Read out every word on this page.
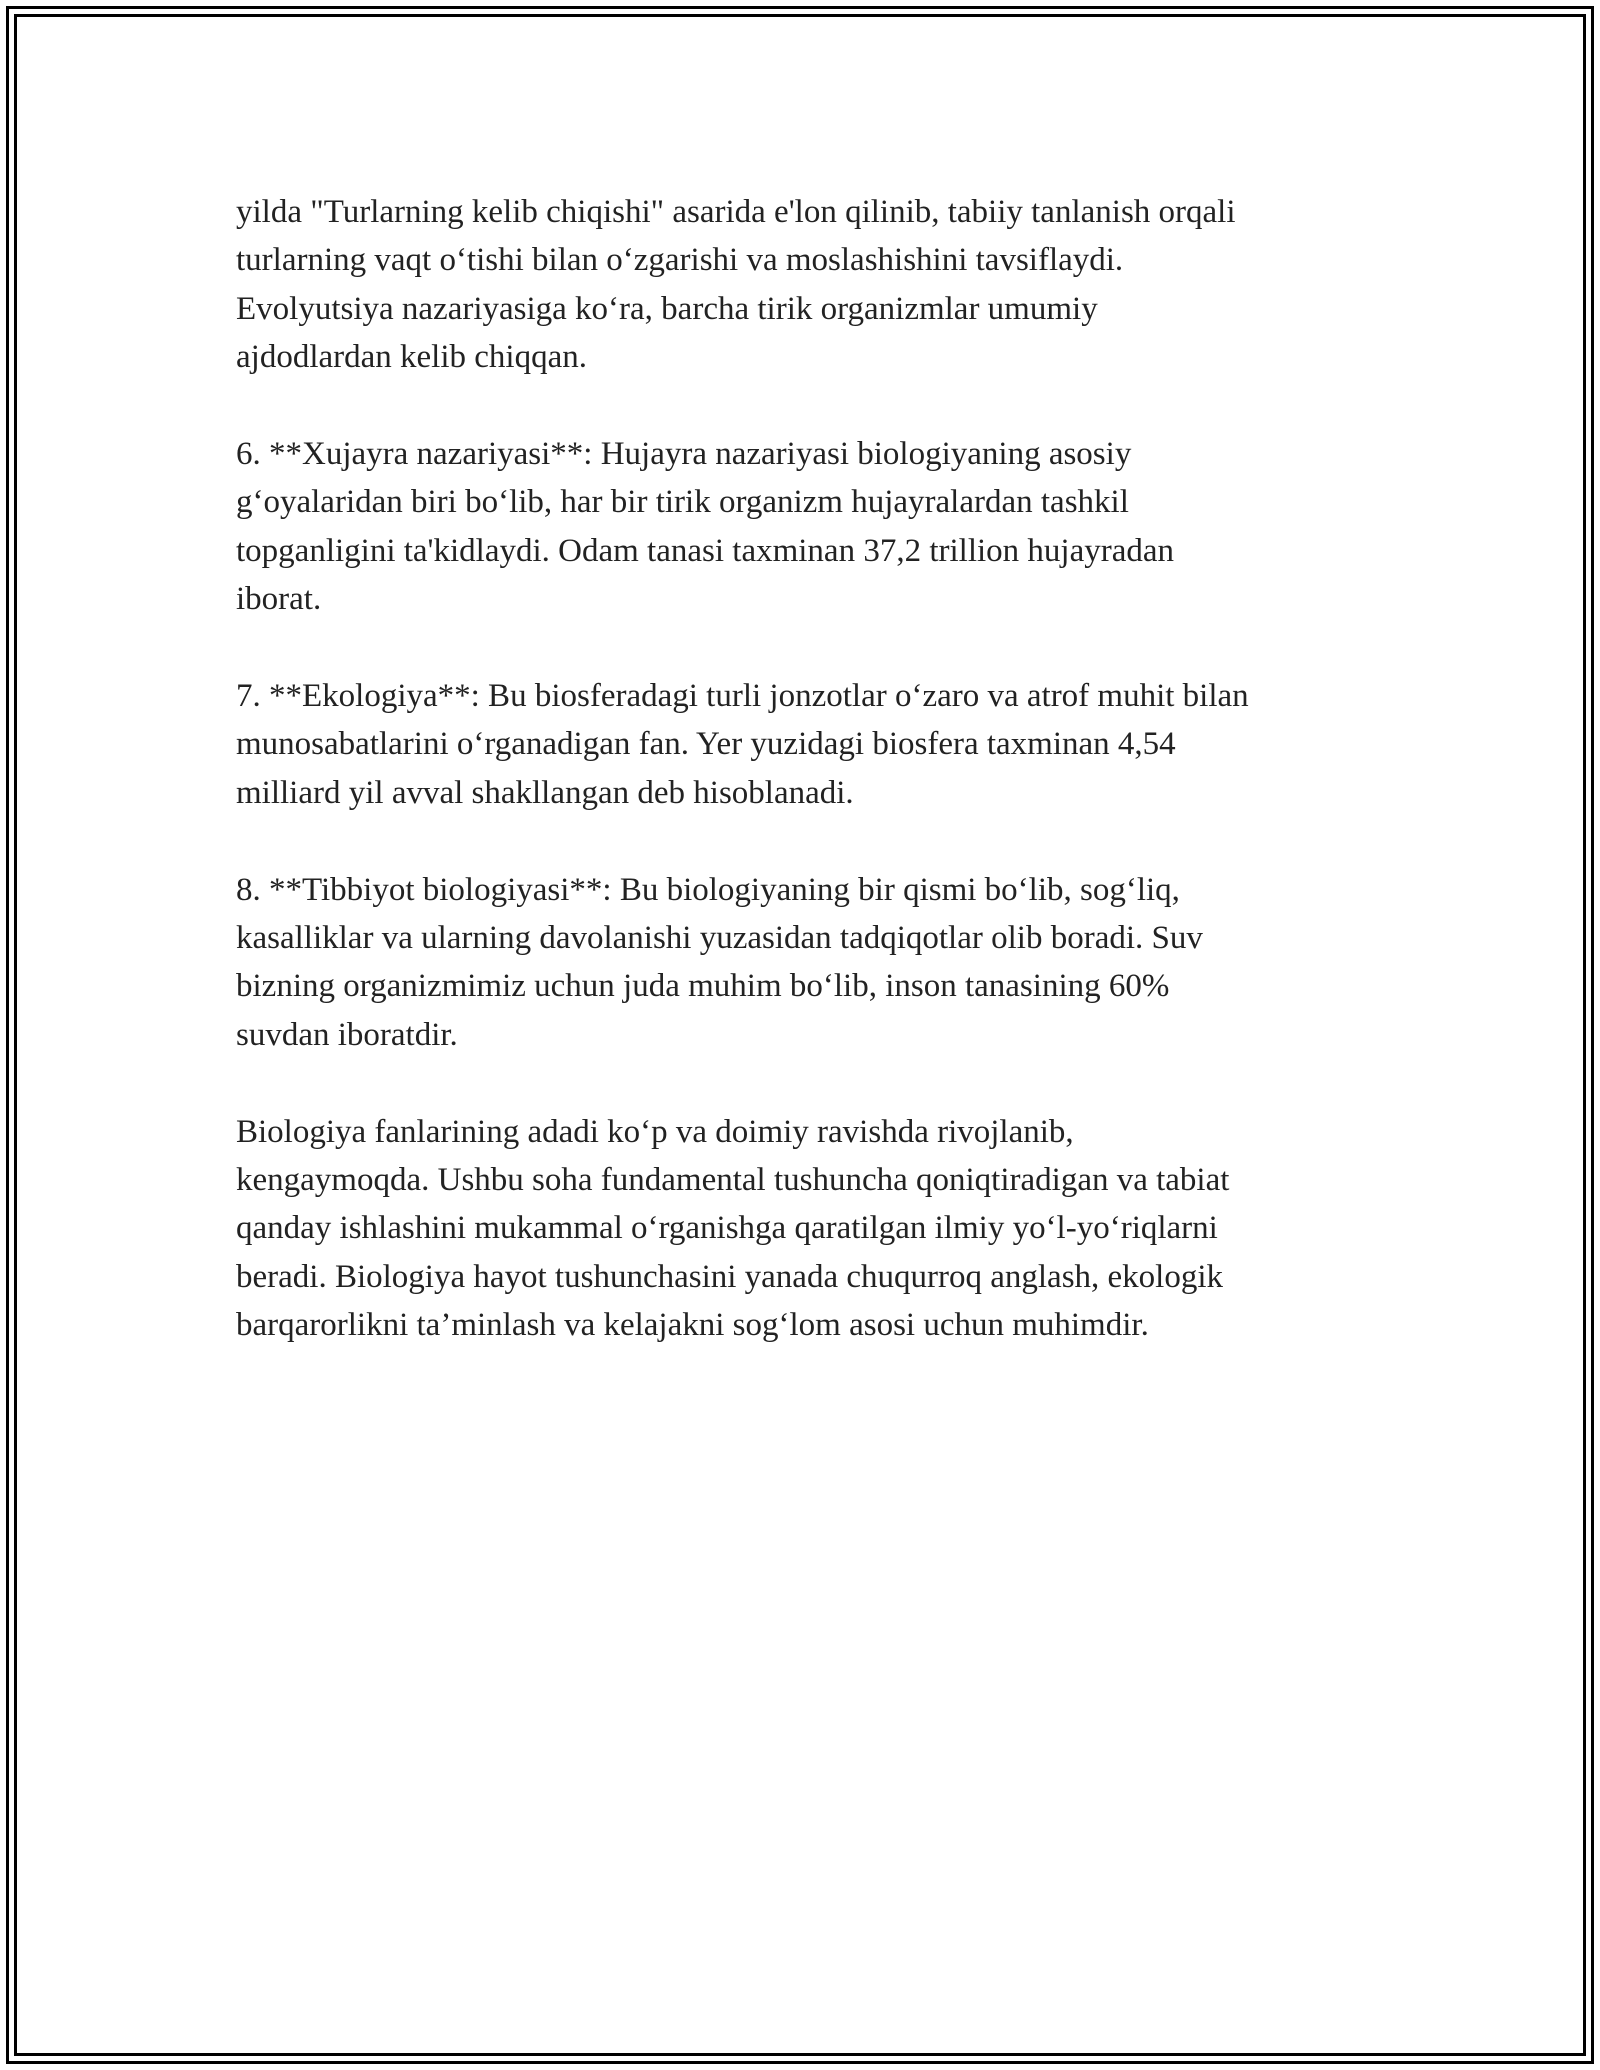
yilda "Turlarning kelib chiqishi" asarida e'lon qilinib, tabiiy tanlanish orqali
turlarning vaqt o‘tishi bilan o‘zgarishi va moslashishini tavsiflaydi.
Evolyutsiya nazariyasiga ko‘ra, barcha tirik organizmlar umumiy
ajdodlardan kelib chiqqan.

6. **Xujayra nazariyasi**: Hujayra nazariyasi biologiyaning asosiy
g‘oyalaridan biri bo‘lib, har bir tirik organizm hujayralardan tashkil
topganligini ta'kidlaydi. Odam tanasi taxminan 37,2 trillion hujayradan
iborat.

7. **Ekologiya**: Bu biosferadagi turli jonzotlar o‘zaro va atrof muhit bilan
munosabatlarini o‘rganadigan fan. Yer yuzidagi biosfera taxminan 4,54
milliard yil avval shakllangan deb hisoblanadi.

8. **Tibbiyot biologiyasi**: Bu biologiyaning bir qismi bo‘lib, sog‘liq,
kasalliklar va ularning davolanishi yuzasidan tadqiqotlar olib boradi. Suv
bizning organizmimiz uchun juda muhim bo‘lib, inson tanasining 60%
suvdan iboratdir.

Biologiya fanlarining adadi ko‘p va doimiy ravishda rivojlanib,
kengaymoqda. Ushbu soha fundamental tushuncha qoniqtiradigan va tabiat
qanday ishlashini mukammal o‘rganishga qaratilgan ilmiy yo‘l-yo‘riqlarni
beradi. Biologiya hayot tushunchasini yanada chuqurroq anglash, ekologik
barqarorlikni ta’minlash va kelajakni sog‘lom asosi uchun muhimdir.
